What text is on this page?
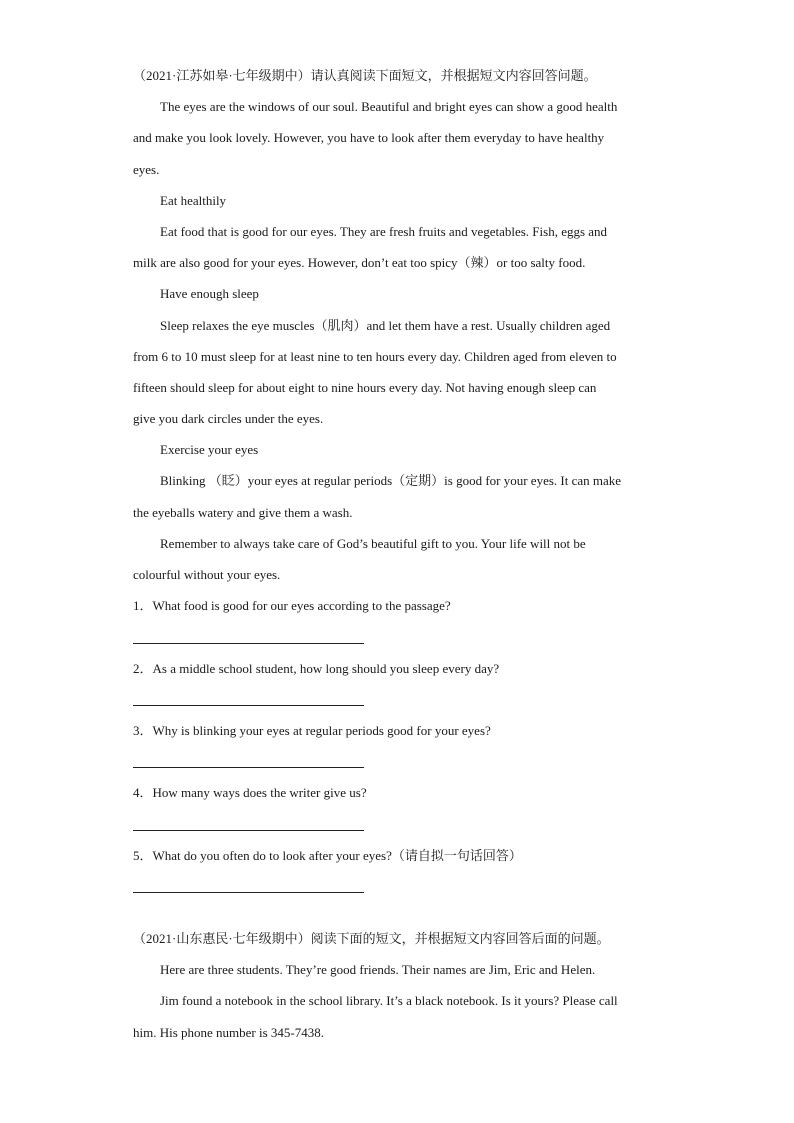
（2021·江苏如皋·七年级期中）请认真阅读下面短文，并根据短文内容回答问题。
The eyes are the windows of our soul. Beautiful and bright eyes can show a good health
and make you look lovely. However, you have to look after them everyday to have healthy
eyes.
Eat healthily
Eat food that is good for our eyes. They are fresh fruits and vegetables. Fish, eggs and
milk are also good for your eyes. However, don’t eat too spicy（辣）or too salty food.
Have enough sleep
Sleep relaxes the eye muscles（肌肉）and let them have a rest. Usually children aged
from 6 to 10 must sleep for at least nine to ten hours every day. Children aged from eleven to
fifteen should sleep for about eight to nine hours every day. Not having enough sleep can
give you dark circles under the eyes.
Exercise your eyes
Blinking （眨）your eyes at regular periods（定期）is good for your eyes. It can make
the eyeballs watery and give them a wash.
Remember to always take care of God’s beautiful gift to you. Your life will not be
colourful without your eyes.
1．What food is good for our eyes according to the passage?
2．As a middle school student, how long should you sleep every day?
3．Why is blinking your eyes at regular periods good for your eyes?
4．How many ways does the writer give us?
5．What do you often do to look after your eyes?（请自拟一句话回答）
（2021·山东惠民·七年级期中）阅读下面的短文，并根据短文内容回答后面的问题。
Here are three students. They’re good friends. Their names are Jim, Eric and Helen.
Jim found a notebook in the school library. It’s a black notebook. Is it yours? Please call
him. His phone number is 345-7438.
